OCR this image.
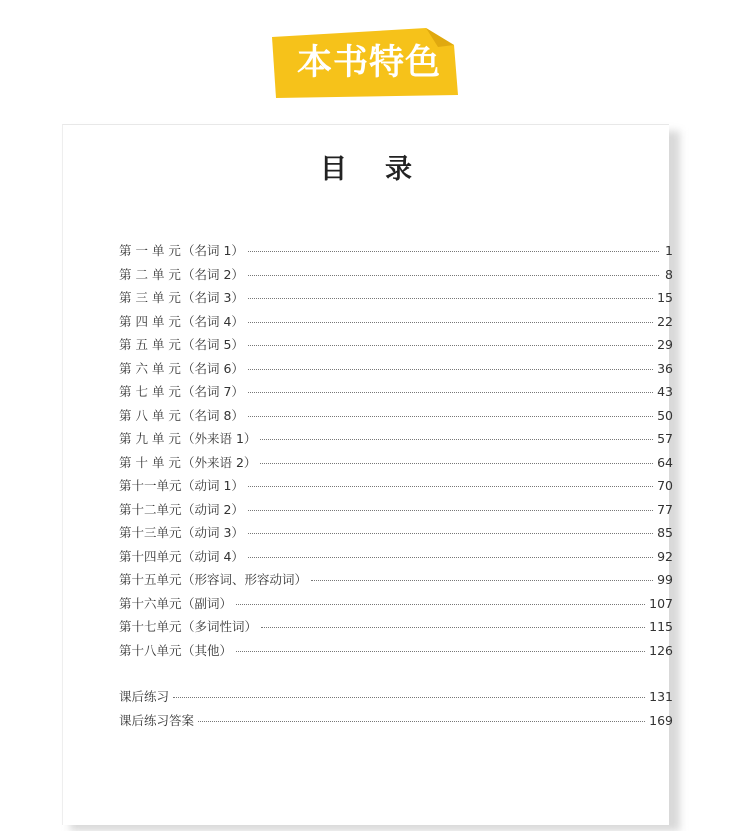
本书特色
目录
第 一 单 元 （名词 1）	1
第 二 单 元 （名词 2）	8
第 三 单 元 （名词 3）	15
第 四 单 元 （名词 4）	22
第 五 单 元 （名词 5）	29
第 六 单 元 （名词 6）	36
第 七 单 元 （名词 7）	43
第 八 单 元 （名词 8）	50
第 九 单 元 （外来语 1）	57
第 十 单 元 （外来语 2）	64
第十一单元 （动词 1）	70
第十二单元 （动词 2）	77
第十三单元 （动词 3）	85
第十四单元 （动词 4）	92
第十五单元 （形容词、形容动词）	99
第十六单元 （副词）	107
第十七单元 （多词性词）	115
第十八单元 （其他）	126
课后练习	131
课后练习答案	169
